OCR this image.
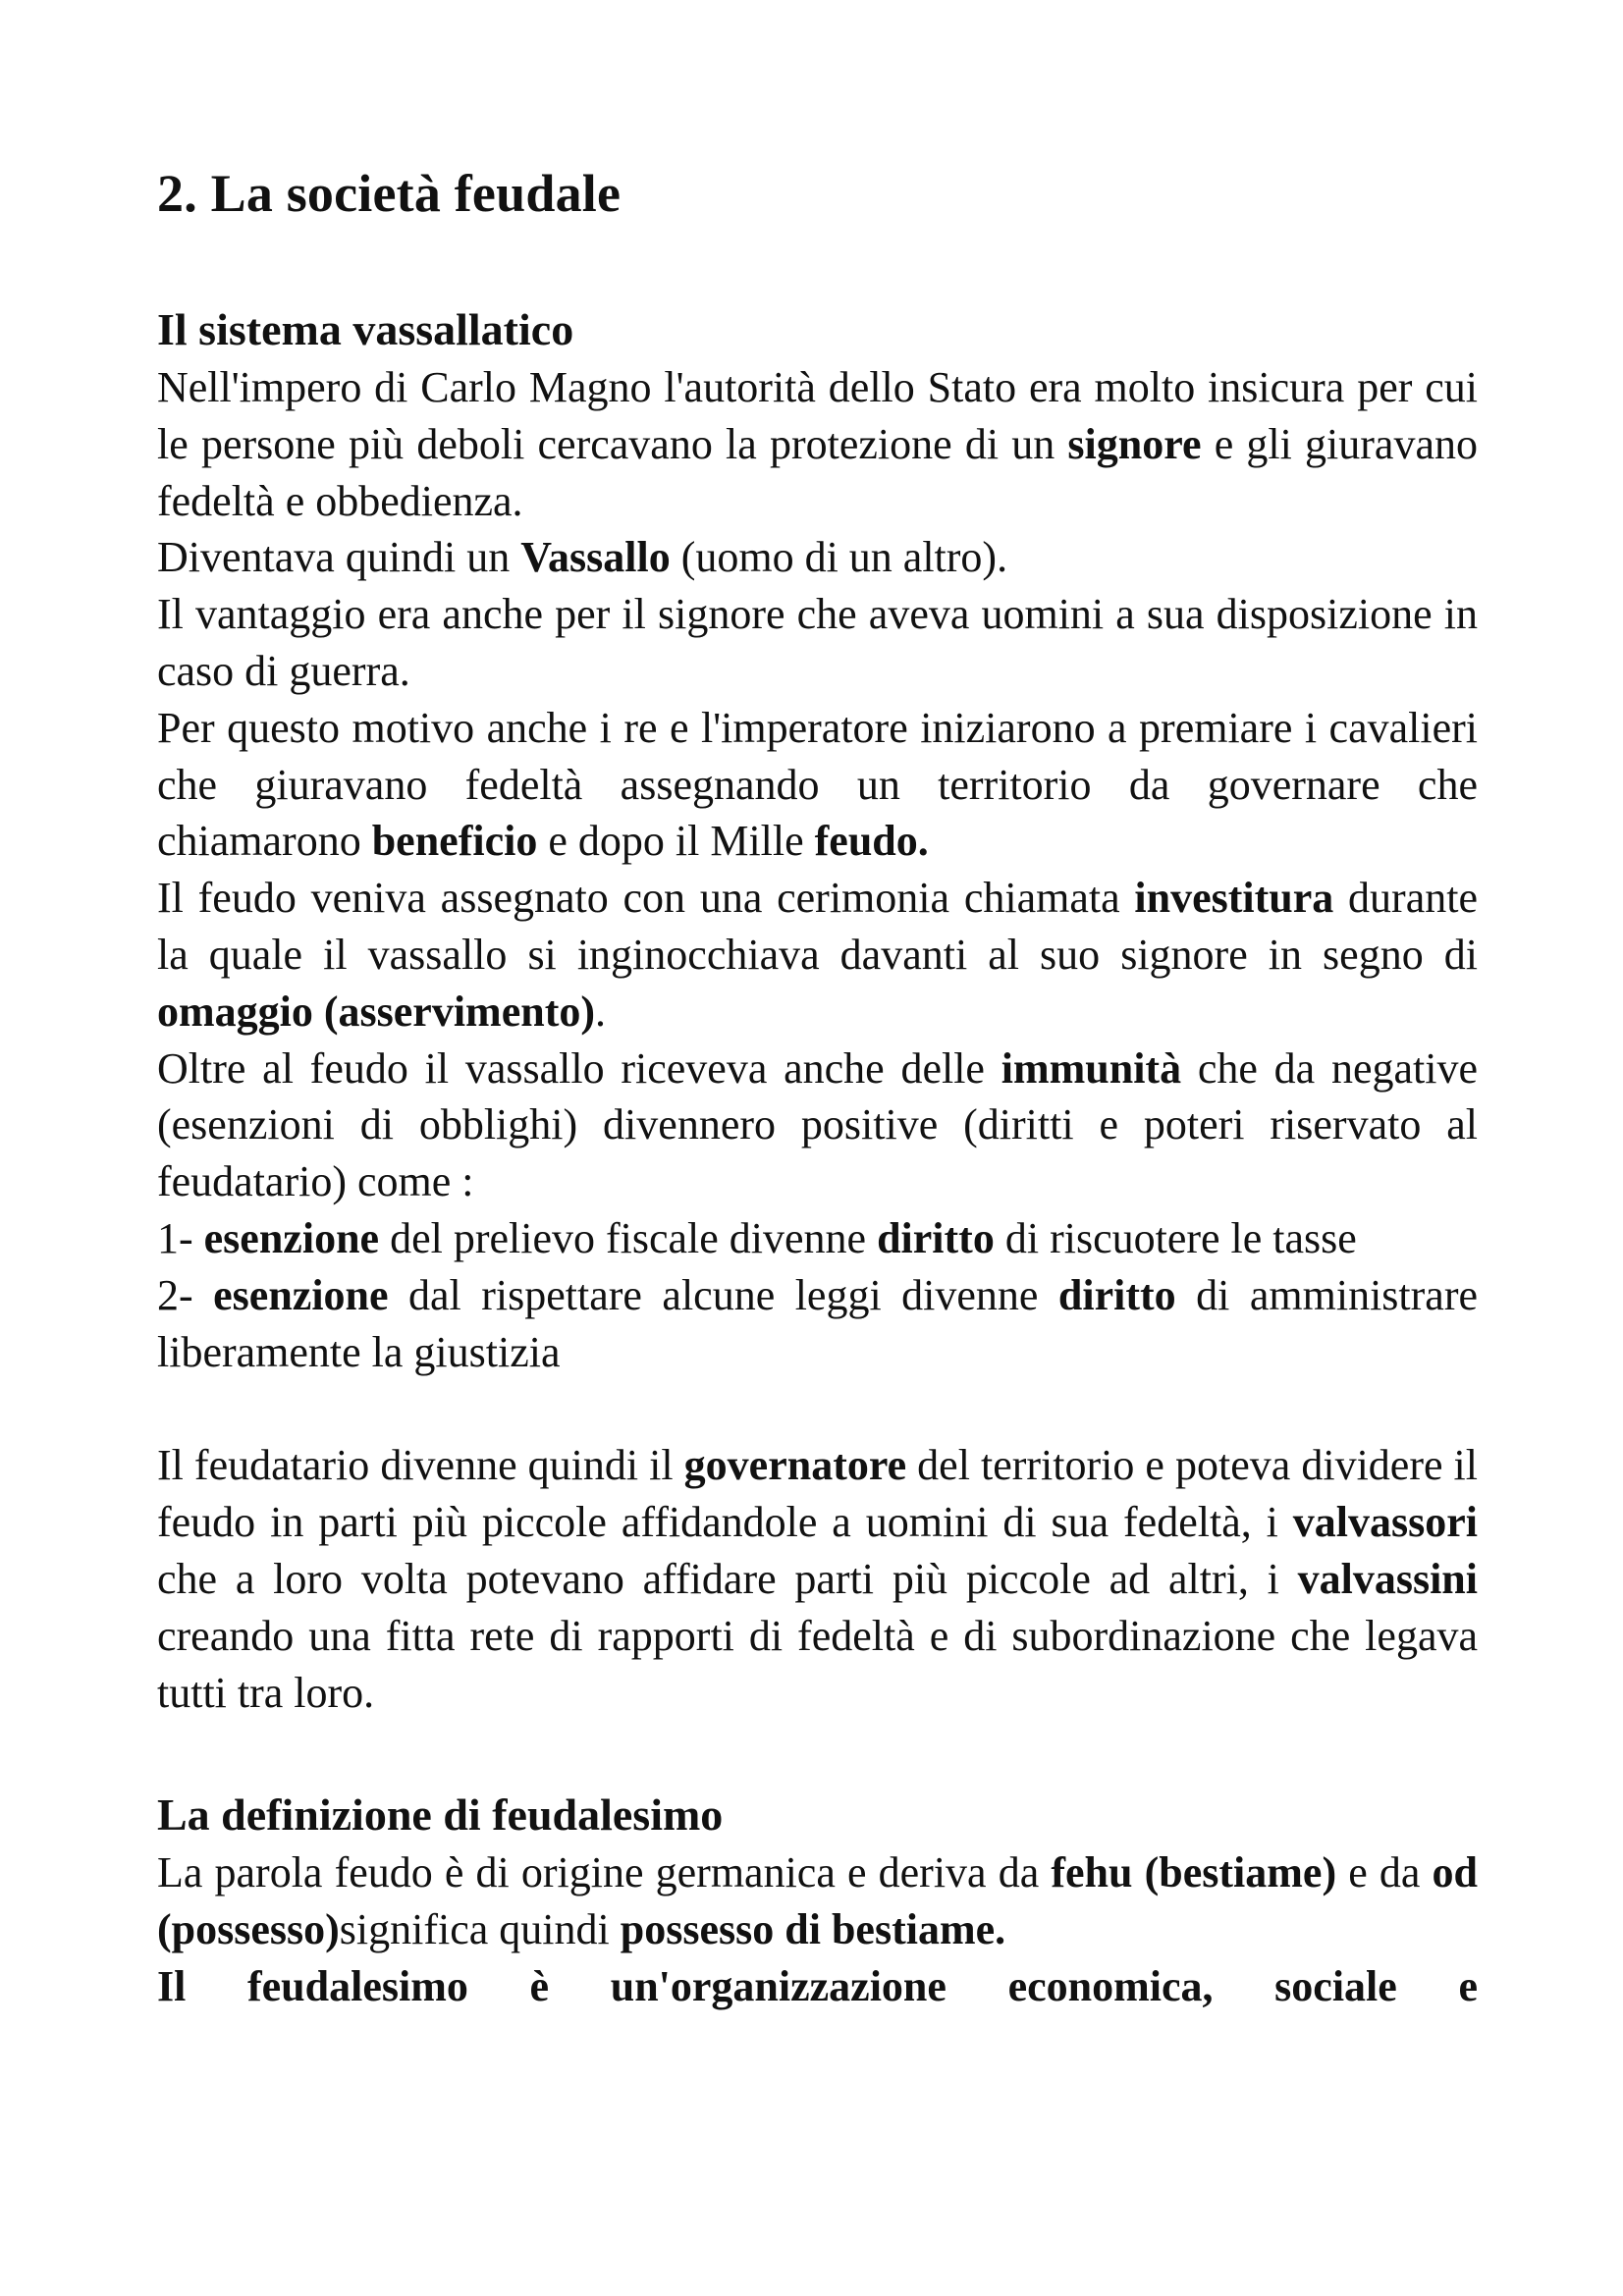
2. La società feudale
Il sistema vassallatico

Nell'impero di Carlo Magno l'autorità dello Stato era molto insicura per cui le persone più deboli cercavano la protezione di un signore e gli giuravano fedeltà e obbedienza.

Diventava quindi un Vassallo (uomo di un altro).

Il vantaggio era anche per il signore che aveva uomini a sua disposizione in caso di guerra.

Per questo motivo anche i re e l'imperatore iniziarono a premiare i cavalieri che giuravano fedeltà assegnando un territorio da governare che chiamarono beneficio e dopo il Mille feudo.

Il feudo veniva assegnato con una cerimonia chiamata investitura durante la quale il vassallo si inginocchiava davanti al suo signore in segno di omaggio (asservimento).

Oltre al feudo il vassallo riceveva anche delle immunità che da negative (esenzioni di obblighi) divennero positive (diritti e poteri riservato al feudatario) come :

1- esenzione del prelievo fiscale divenne diritto di riscuotere le tasse

2- esenzione dal rispettare alcune leggi divenne diritto di amministrare liberamente la giustizia

Il feudatario divenne quindi il governatore del territorio e poteva dividere il feudo in parti più piccole affidandole a uomini di sua fedeltà, i valvassori che a loro volta potevano affidare parti più piccole ad altri, i valvassini creando una fitta rete di rapporti di fedeltà e di subordinazione che legava tutti tra loro.

La definizione di feudalesimo

La parola feudo è di origine germanica e deriva da fehu (bestiame) e da od (possesso)significa quindi possesso di bestiame.

Il feudalesimo è un'organizzazione economica, sociale e
